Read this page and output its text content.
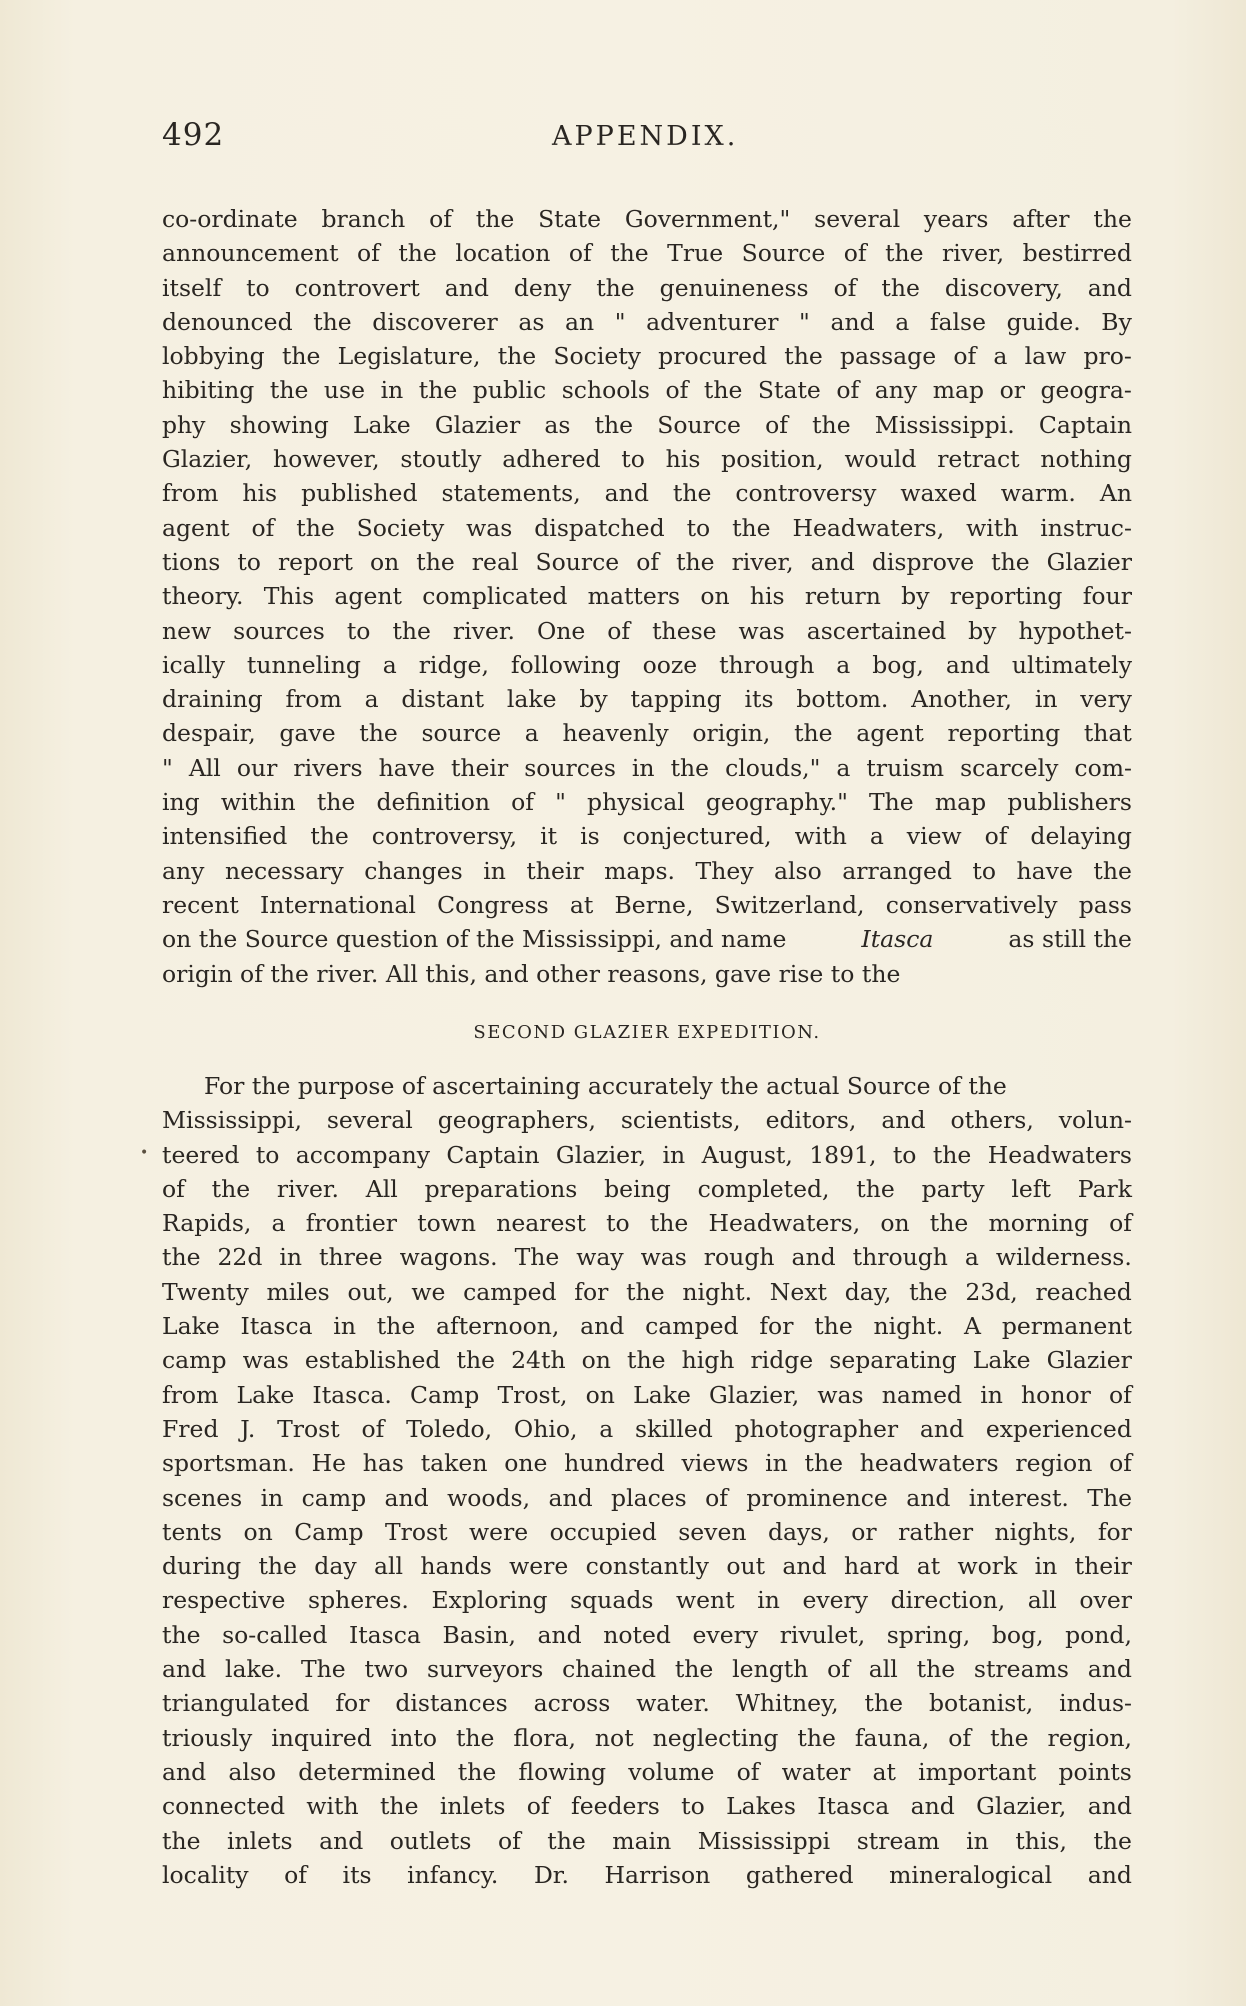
492	APPENDIX.
co-ordinate branch of the State Government," several years after the
announcement of the location of the True Source of the river, bestirred
itself to controvert and deny the genuineness of the discovery, and
denounced the discoverer as an " adventurer " and a false guide. By
lobbying the Legislature, the Society procured the passage of a law pro-
hibiting the use in the public schools of the State of any map or geogra-
phy showing Lake Glazier as the Source of the Mississippi. Captain
Glazier, however, stoutly adhered to his position, would retract nothing
from his published statements, and the controversy waxed warm. An
agent of the Society was dispatched to the Headwaters, with instruc-
tions to report on the real Source of the river, and disprove the Glazier
theory. This agent complicated matters on his return by reporting four
new sources to the river. One of these was ascertained by hypothet-
ically tunneling a ridge, following ooze through a bog, and ultimately
draining from a distant lake by tapping its bottom. Another, in very
despair, gave the source a heavenly origin, the agent reporting that
" All our rivers have their sources in the clouds," a truism scarcely com-
ing within the definition of " physical geography." The map publishers
intensified the controversy, it is conjectured, with a view of delaying
any necessary changes in their maps. They also arranged to have the
recent International Congress at Berne, Switzerland, conservatively pass
on the Source question of the Mississippi, and name	Itasca	as still the
origin of the river. All this, and other reasons, gave rise to the
SECOND GLAZIER EXPEDITION.
•
For the purpose of ascertaining accurately the actual Source of the
Mississippi, several geographers, scientists, editors, and others, volun-
teered to accompany Captain Glazier, in August, 1891, to the Headwaters
of the river. All preparations being completed, the party left Park
Rapids, a frontier town nearest to the Headwaters, on the morning of
the 22d in three wagons. The way was rough and through a wilderness.
Twenty miles out, we camped for the night. Next day, the 23d, reached
Lake Itasca in the afternoon, and camped for the night. A permanent
camp was established the 24th on the high ridge separating Lake Glazier
from Lake Itasca. Camp Trost, on Lake Glazier, was named in honor of
Fred J. Trost of Toledo, Ohio, a skilled photographer and experienced
sportsman. He has taken one hundred views in the headwaters region of
scenes in camp and woods, and places of prominence and interest. The
tents on Camp Trost were occupied seven days, or rather nights, for
during the day all hands were constantly out and hard at work in their
respective spheres. Exploring squads went in every direction, all over
the so-called Itasca Basin, and noted every rivulet, spring, bog, pond,
and lake. The two surveyors chained the length of all the streams and
triangulated for distances across water. Whitney, the botanist, indus-
triously inquired into the flora, not neglecting the fauna, of the region,
and also determined the flowing volume of water at important points
connected with the inlets of feeders to Lakes Itasca and Glazier, and
the inlets and outlets of the main Mississippi stream in this, the
locality of its infancy. Dr. Harrison gathered mineralogical and
